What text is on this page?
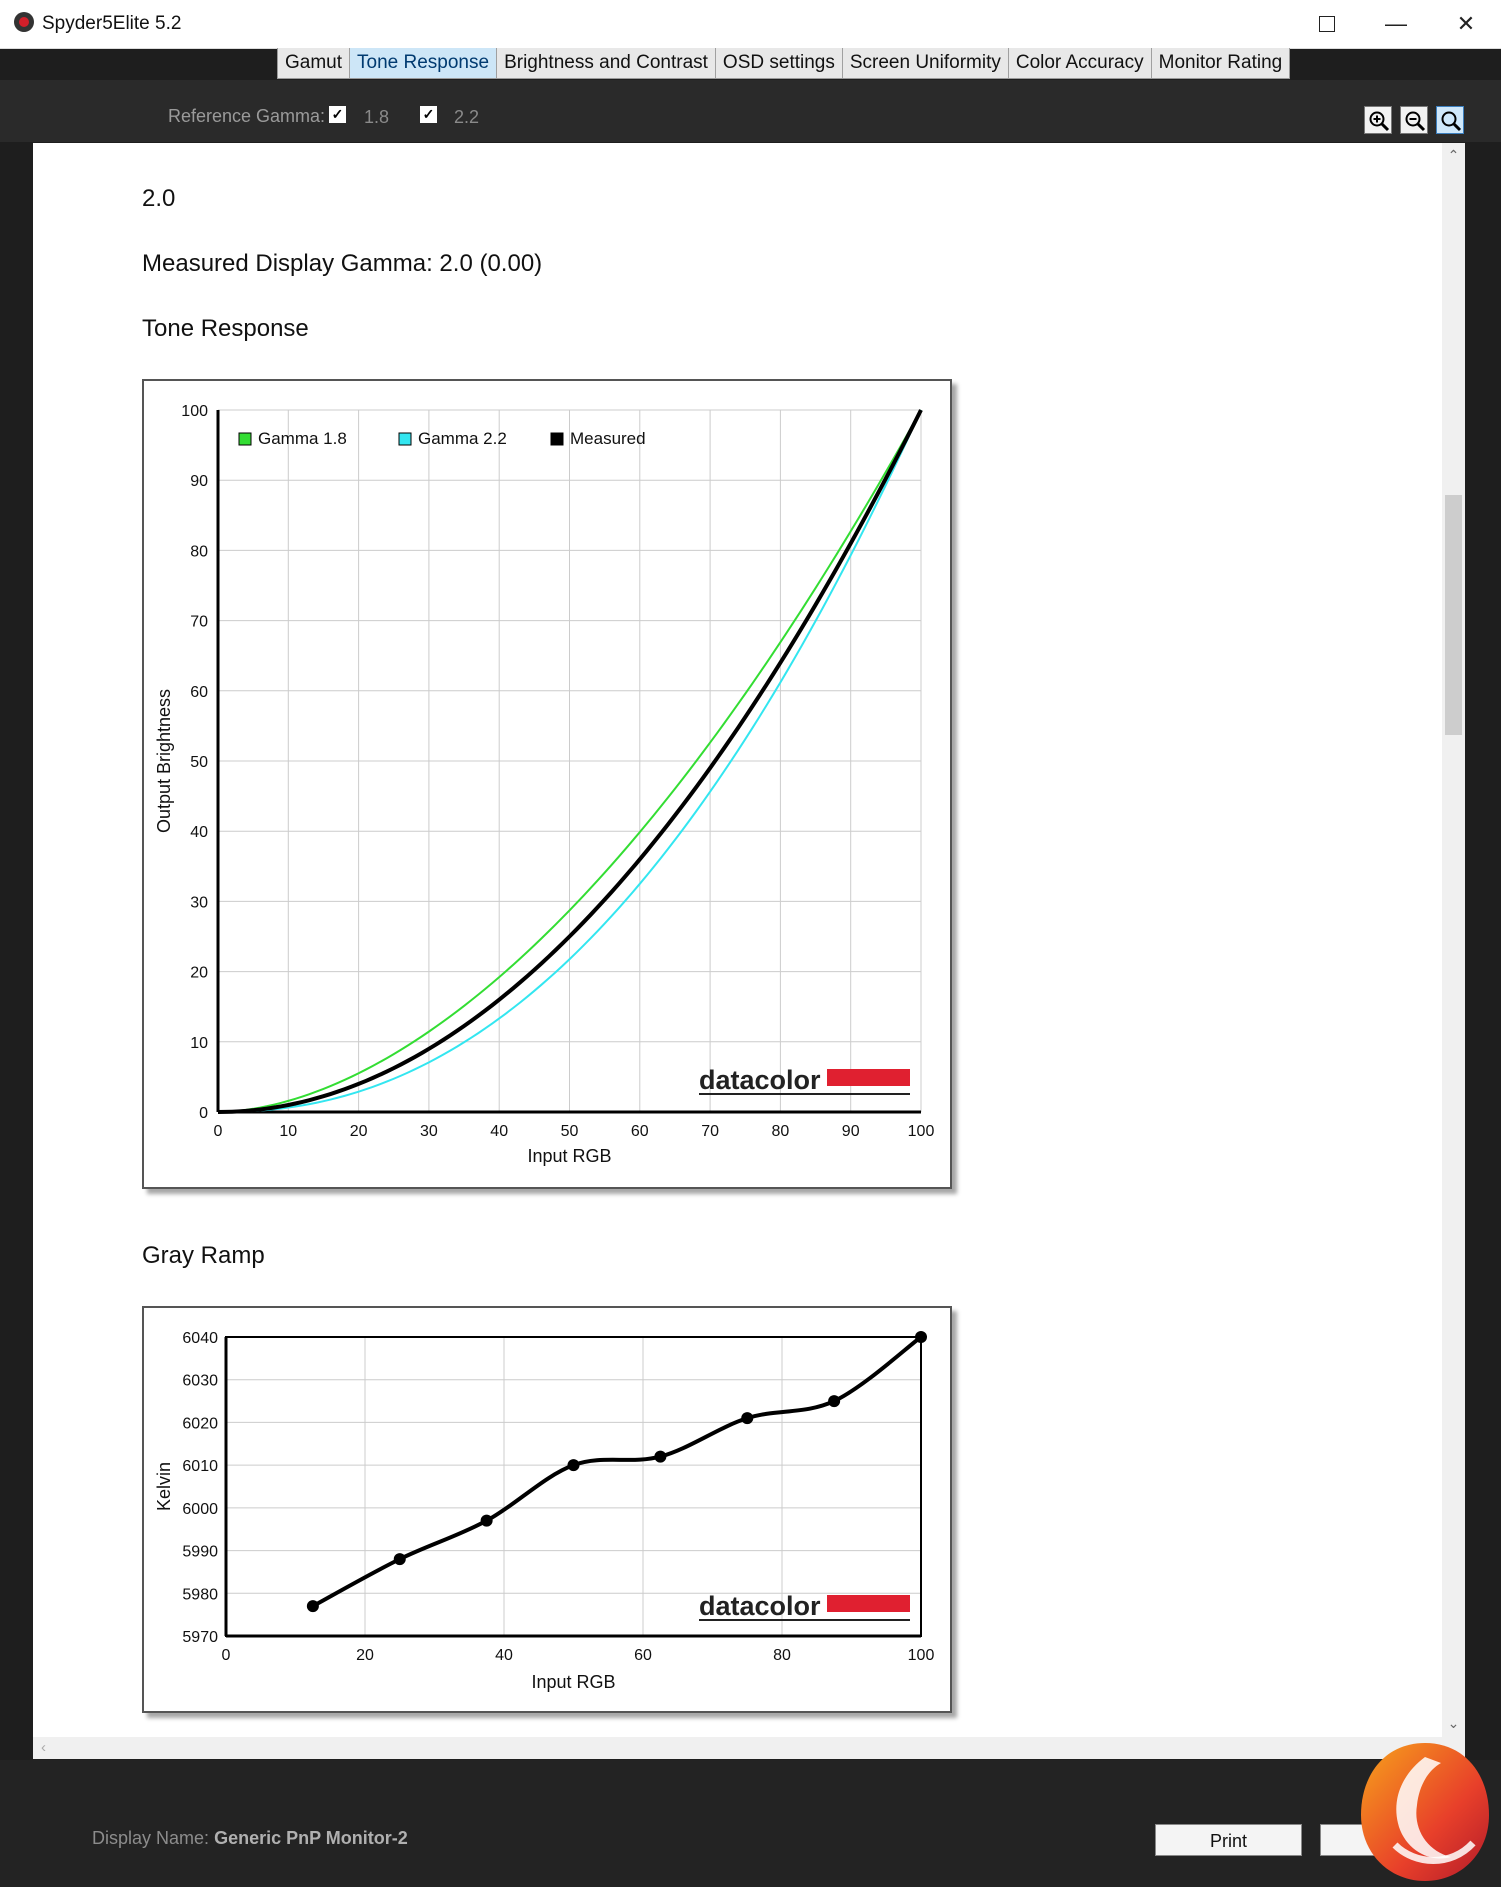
Spyder5Elite 5.2	—	✕
Gamut Tone Response Brightness and Contrast OSD settings Screen Uniformity Color Accuracy Monitor Rating
Reference Gamma: ✓ 1.8 ✓ 2.2
2.0
Measured Display Gamma: 2.0 (0.00)
Tone Response
0	10	20	30	40	50	60	70	80	90	100
0
10
20
30
40
50
60
70
80
90
100
Input RGB
Output Brightness
Gamma 1.8	Gamma 2.2	Measured
datacolor
Gray Ramp
0	20	40	60	80	100
5970
5980
5990
6000
6010
6020
6030
6040
Input RGB
Kelvin
datacolor
⌃
⌄
‹
Display Name: Generic PnP Monitor-2	Print
